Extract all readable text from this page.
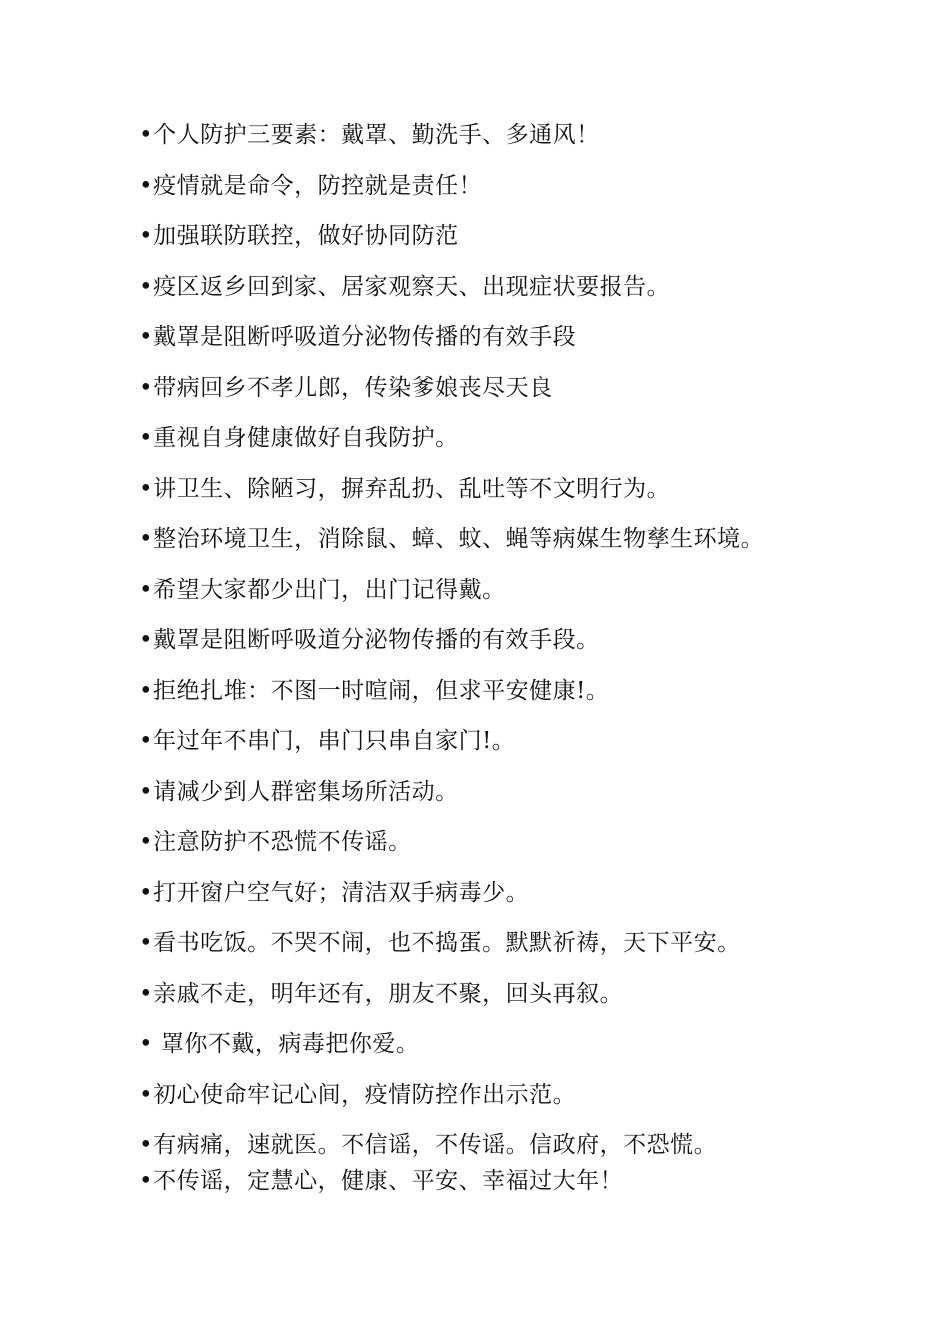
•个人防护三要素：戴罩、勤洗手、多通风！
•疫情就是命令，防控就是责任！
•加强联防联控，做好协同防范
•疫区返乡回到家、居家观察天、出现症状要报告。
•戴罩是阻断呼吸道分泌物传播的有效手段
•带病回乡不孝儿郎，传染爹娘丧尽天良
•重视自身健康做好自我防护。
•讲卫生、除陋习，摒弃乱扔、乱吐等不文明行为。
•整治环境卫生，消除鼠、蟑、蚊、蝇等病媒生物孳生环境。
•希望大家都少出门，出门记得戴。
•戴罩是阻断呼吸道分泌物传播的有效手段。
•拒绝扎堆：不图一时喧闹，但求平安健康!。
•年过年不串门，串门只串自家门!。
•请减少到人群密集场所活动。
•注意防护不恐慌不传谣。
•打开窗户空气好；清洁双手病毒少。
•看书吃饭。不哭不闹，也不捣蛋。默默祈祷，天下平安。
•亲戚不走，明年还有，朋友不聚，回头再叙。
• 罩你不戴，病毒把你爱。
•初心使命牢记心间，疫情防控作出示范。
•有病痛，速就医。不信谣，不传谣。信政府，不恐慌。
•不传谣，定慧心，健康、平安、幸福过大年！
